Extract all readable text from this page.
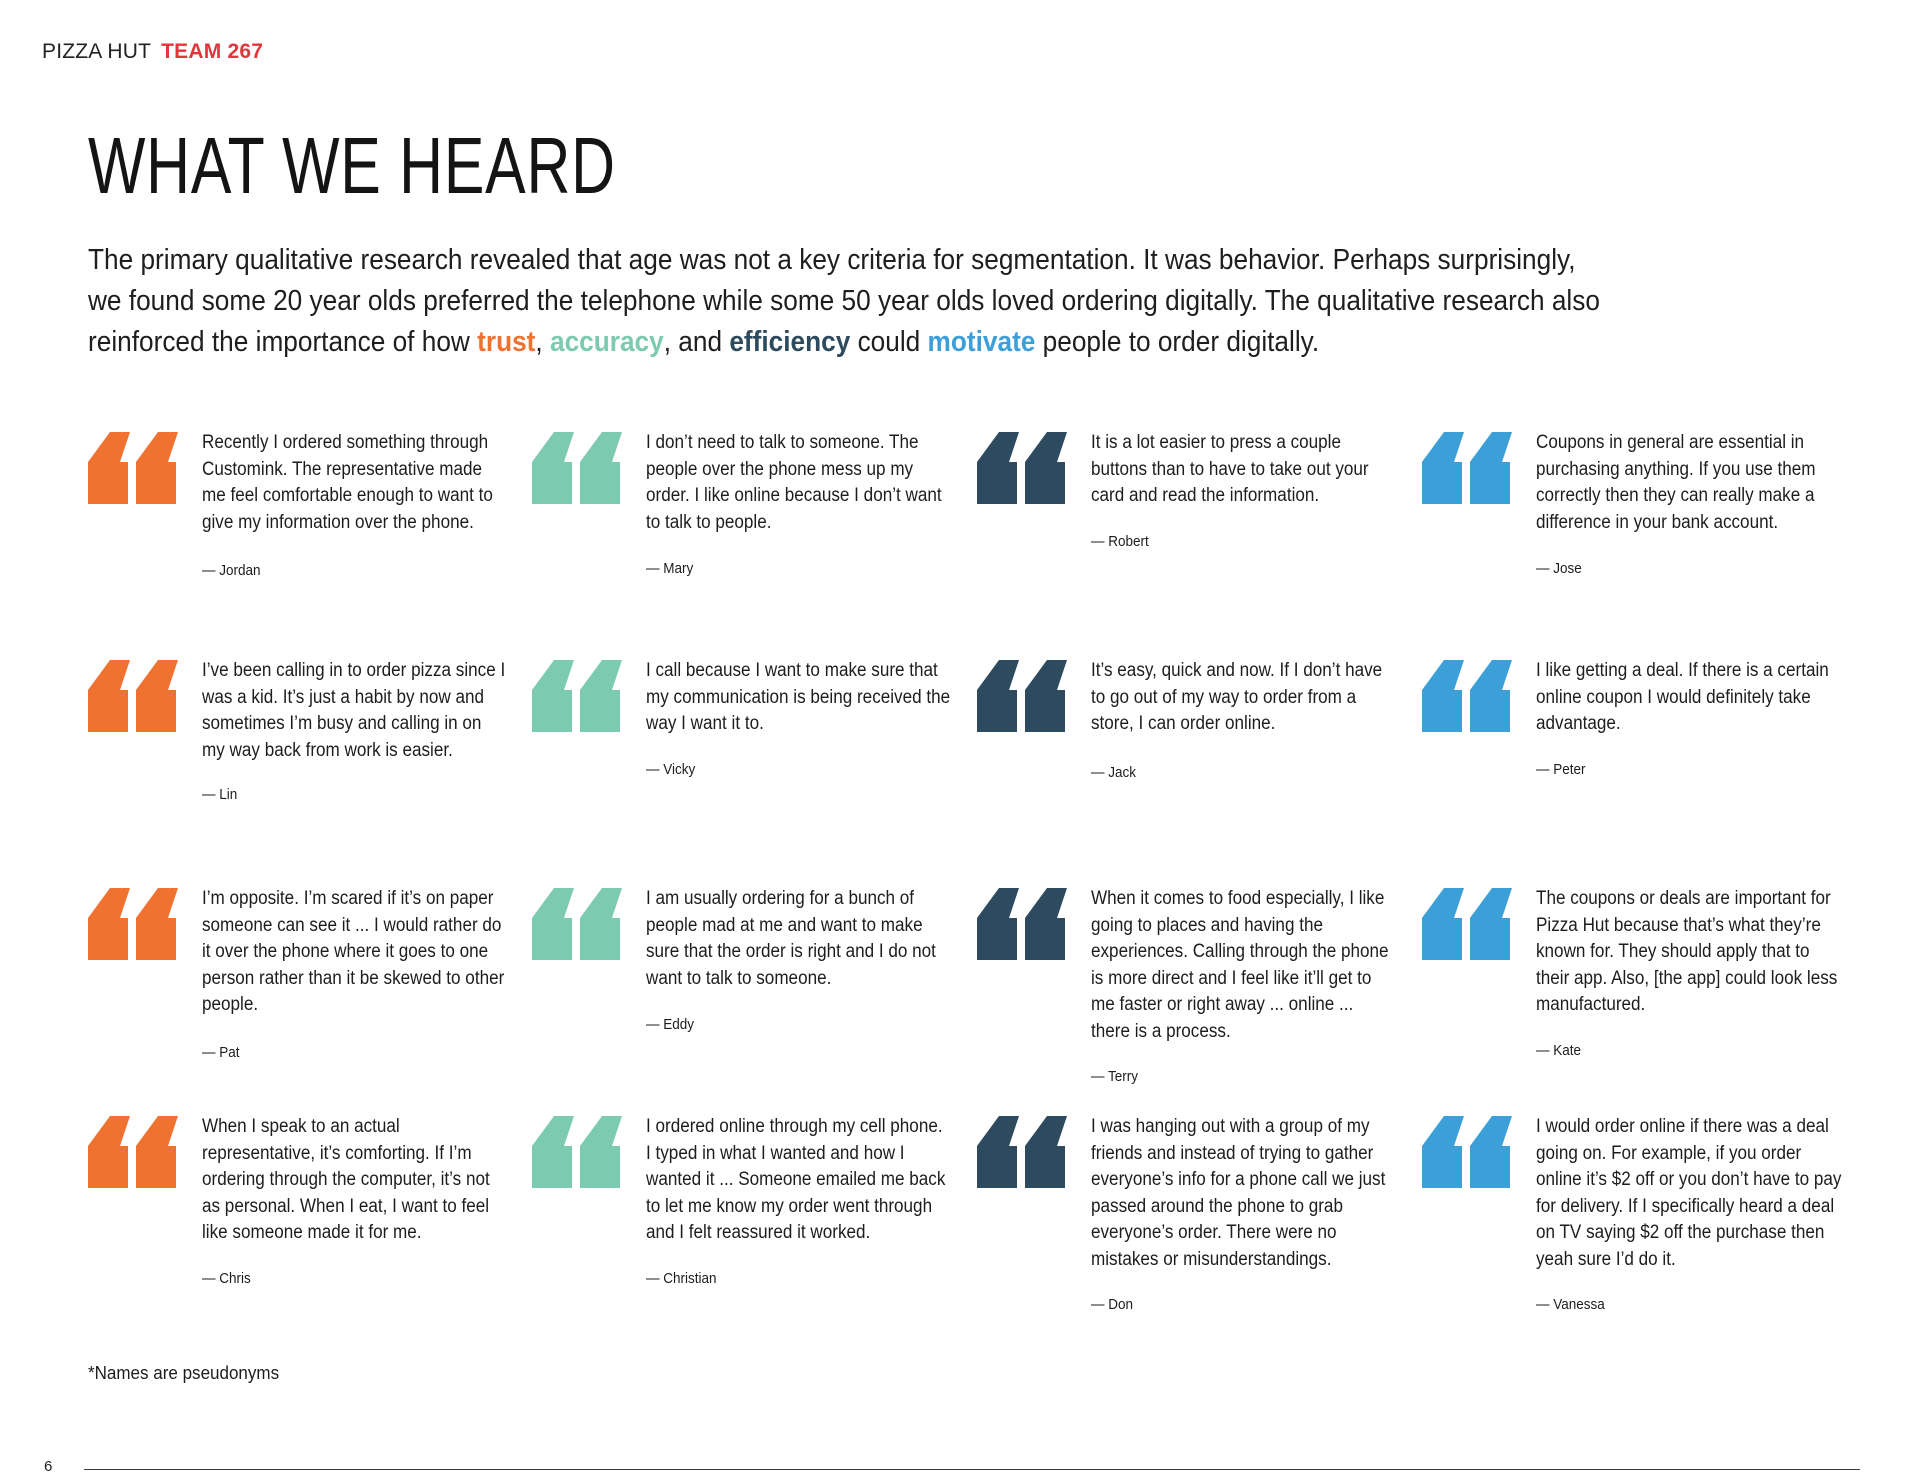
PIZZA HUT TEAM 267
WHAT WE HEARD

The primary qualitative research revealed that age was not a key criteria for segmentation. It was behavior. Perhaps surprisingly, we found some 20 year olds preferred the telephone while some 50 year olds loved ordering digitally. The qualitative research also reinforced the importance of how trust, accuracy, and efficiency could motivate people to order digitally.

Recently I ordered something through Customink. The representative made me feel comfortable enough to want to give my information over the phone.

— Jordan

I don’t need to talk to someone. The people over the phone mess up my order. I like online because I don’t want to talk to people.

— Mary

It is a lot easier to press a couple buttons than to have to take out your card and read the information.

— Robert

Coupons in general are essential in purchasing anything. If you use them correctly then they can really make a difference in your bank account.

— Jose

I’ve been calling in to order pizza since I was a kid. It’s just a habit by now and sometimes I’m busy and calling in on my way back from work is easier.

— Lin

I call because I want to make sure that my communication is being received the way I want it to.

— Vicky

It’s easy, quick and now. If I don’t have to go out of my way to order from a store, I can order online.

— Jack

I like getting a deal. If there is a certain online coupon I would definitely take advantage.

— Peter

I’m opposite. I’m scared if it’s on paper someone can see it ... I would rather do it over the phone where it goes to one person rather than it be skewed to other people.

— Pat

I am usually ordering for a bunch of people mad at me and want to make sure that the order is right and I do not want to talk to someone.

— Eddy

When it comes to food especially, I like going to places and having the experiences. Calling through the phone is more direct and I feel like it’ll get to me faster or right away ... online ... there is a process.

— Terry

The coupons or deals are important for Pizza Hut because that’s what they’re known for. They should apply that to their app. Also, [the app] could look less manufactured.

— Kate

When I speak to an actual representative, it’s comforting. If I’m ordering through the computer, it’s not as personal. When I eat, I want to feel like someone made it for me.

— Chris

I ordered online through my cell phone. I typed in what I wanted and how I wanted it ... Someone emailed me back to let me know my order went through and I felt reassured it worked.

— Christian

I was hanging out with a group of my friends and instead of trying to gather everyone’s info for a phone call we just passed around the phone to grab everyone’s order. There were no mistakes or misunderstandings.

— Don

I would order online if there was a deal going on. For example, if you order online it’s $2 off or you don’t have to pay for delivery. If I specifically heard a deal on TV saying $2 off the purchase then yeah sure I’d do it.

— Vanessa

*Names are pseudonyms
6
